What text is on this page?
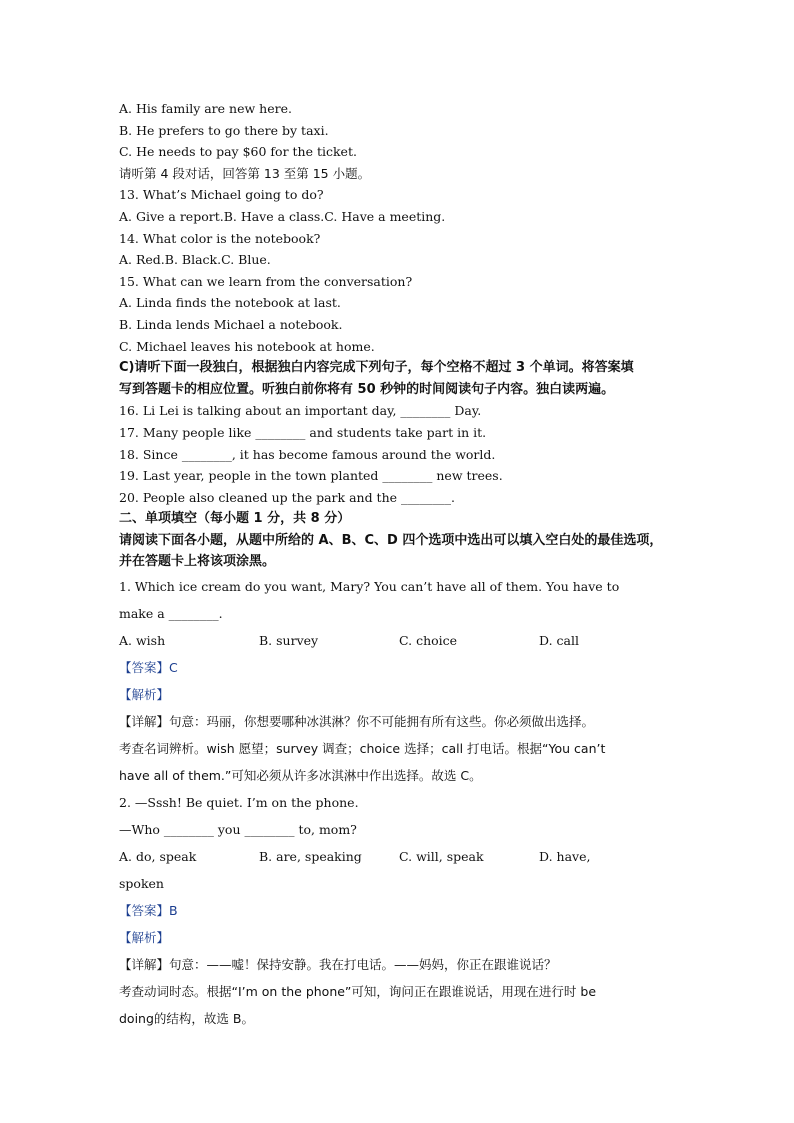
A. His family are new here.
B. He prefers to go there by taxi.
C. He needs to pay $60 for the ticket.
请听第 4 段对话，回答第 13 至第 15 小题。
13. What’s Michael going to do?
A. Give a report.B. Have a class.C. Have a meeting.
14. What color is the notebook?
A. Red.B. Black.C. Blue.
15. What can we learn from the conversation?
A. Linda finds the notebook at last.
B. Linda lends Michael a notebook.
C. Michael leaves his notebook at home.
C)请听下面一段独白，根据独白内容完成下列句子，每个空格不超过 3 个单词。将答案填
写到答题卡的相应位置。听独白前你将有 50 秒钟的时间阅读句子内容。独白读两遍。
16. Li Lei is talking about an important day, ________ Day.
17. Many people like ________ and students take part in it.
18. Since ________, it has become famous around the world.
19. Last year, people in the town planted ________ new trees.
20. People also cleaned up the park and the ________.
二、单项填空（每小题 1 分，共 8 分）
请阅读下面各小题，从题中所给的 A、B、C、D 四个选项中选出可以填入空白处的最佳选项，
并在答题卡上将该项涂黑。
1. Which ice cream do you want, Mary? You can’t have all of them. You have to
make a ________.
A. wish	B. survey	C. choice	D. call
【答案】C
【解析】
【详解】句意：玛丽，你想要哪种冰淇淋？你不可能拥有所有这些。你必须做出选择。
考查名词辨析。wish 愿望；survey 调查；choice 选择；call 打电话。根据“You can’t
have all of them.”可知必须从许多冰淇淋中作出选择。故选 C。
2. —Sssh! Be quiet. I’m on the phone.
—Who ________ you ________ to, mom?
A. do, speak	B. are, speaking	C. will, speak	D. have,
spoken
【答案】B
【解析】
【详解】句意：——嘘！保持安静。我在打电话。——妈妈，你正在跟谁说话？
考查动词时态。根据“I’m on the phone”可知，询问正在跟谁说话，用现在进行时 be
doing的结构，故选 B。
